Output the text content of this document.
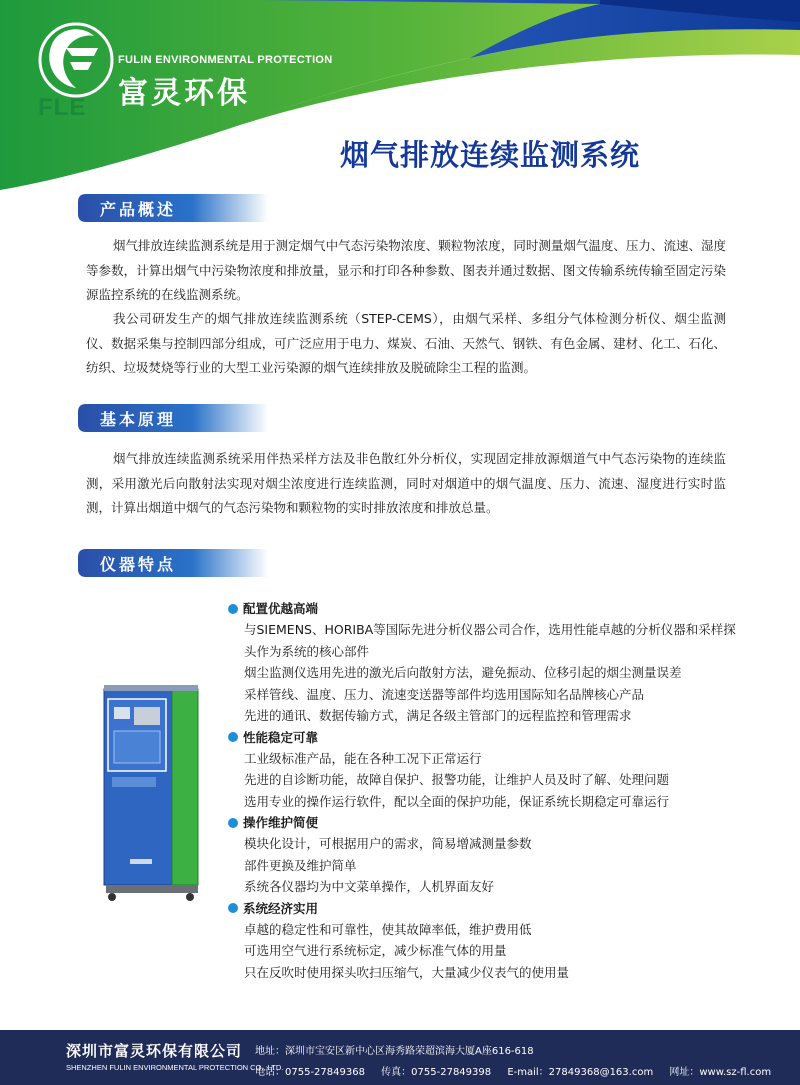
FLE
FULIN ENVIRONMENTAL PROTECTION
富灵环保
烟气排放连续监测系统
产品概述
烟气排放连续监测系统是用于测定烟气中气态污染物浓度、颗粒物浓度，同时测量烟气温度、压力、流速、湿度等参数，计算出烟气中污染物浓度和排放量，显示和打印各种参数、图表并通过数据、图文传输系统传输至固定污染源监控系统的在线监测系统。
我公司研发生产的烟气排放连续监测系统（STEP-CEMS），由烟气采样、多组分气体检测分析仪、烟尘监测仪、数据采集与控制四部分组成，可广泛应用于电力、煤炭、石油、天然气、钢铁、有色金属、建材、化工、石化、纺织、垃圾焚烧等行业的大型工业污染源的烟气连续排放及脱硫除尘工程的监测。
基本原理
烟气排放连续监测系统采用伴热采样方法及非色散红外分析仪，实现固定排放源烟道气中气态污染物的连续监测，采用激光后向散射法实现对烟尘浓度进行连续监测，同时对烟道中的烟气温度、压力、流速、湿度进行实时监测，计算出烟道中烟气的气态污染物和颗粒物的实时排放浓度和排放总量。
仪器特点
配置优越高端
与SIEMENS、HORIBA等国际先进分析仪器公司合作，选用性能卓越的分析仪器和采样探头作为系统的核心部件
烟尘监测仪选用先进的激光后向散射方法，避免振动、位移引起的烟尘测量误差
采样管线、温度、压力、流速变送器等部件均选用国际知名品牌核心产品
先进的通讯、数据传输方式，满足各级主管部门的远程监控和管理需求
性能稳定可靠
工业级标准产品，能在各种工况下正常运行
先进的自诊断功能，故障自保护、报警功能，让维护人员及时了解、处理问题
选用专业的操作运行软件，配以全面的保护功能，保证系统长期稳定可靠运行
操作维护简便
模块化设计，可根据用户的需求，简易增减测量参数
部件更换及维护简单
系统各仪器均为中文菜单操作，人机界面友好
系统经济实用
卓越的稳定性和可靠性，使其故障率低，维护费用低
可选用空气进行系统标定，减少标准气体的用量
只在反吹时使用探头吹扫压缩气，大量减少仪表气的使用量
深圳市富灵环保有限公司
SHENZHEN FULIN ENVIRONMENTAL PROTECTION CO., LTD.
地址：深圳市宝安区新中心区海秀路荣超滨海大厦A座616-618
电话：0755-27849368 传真：0755-27849398 E-mail：27849368@163.com 网址：www.sz-fl.com
